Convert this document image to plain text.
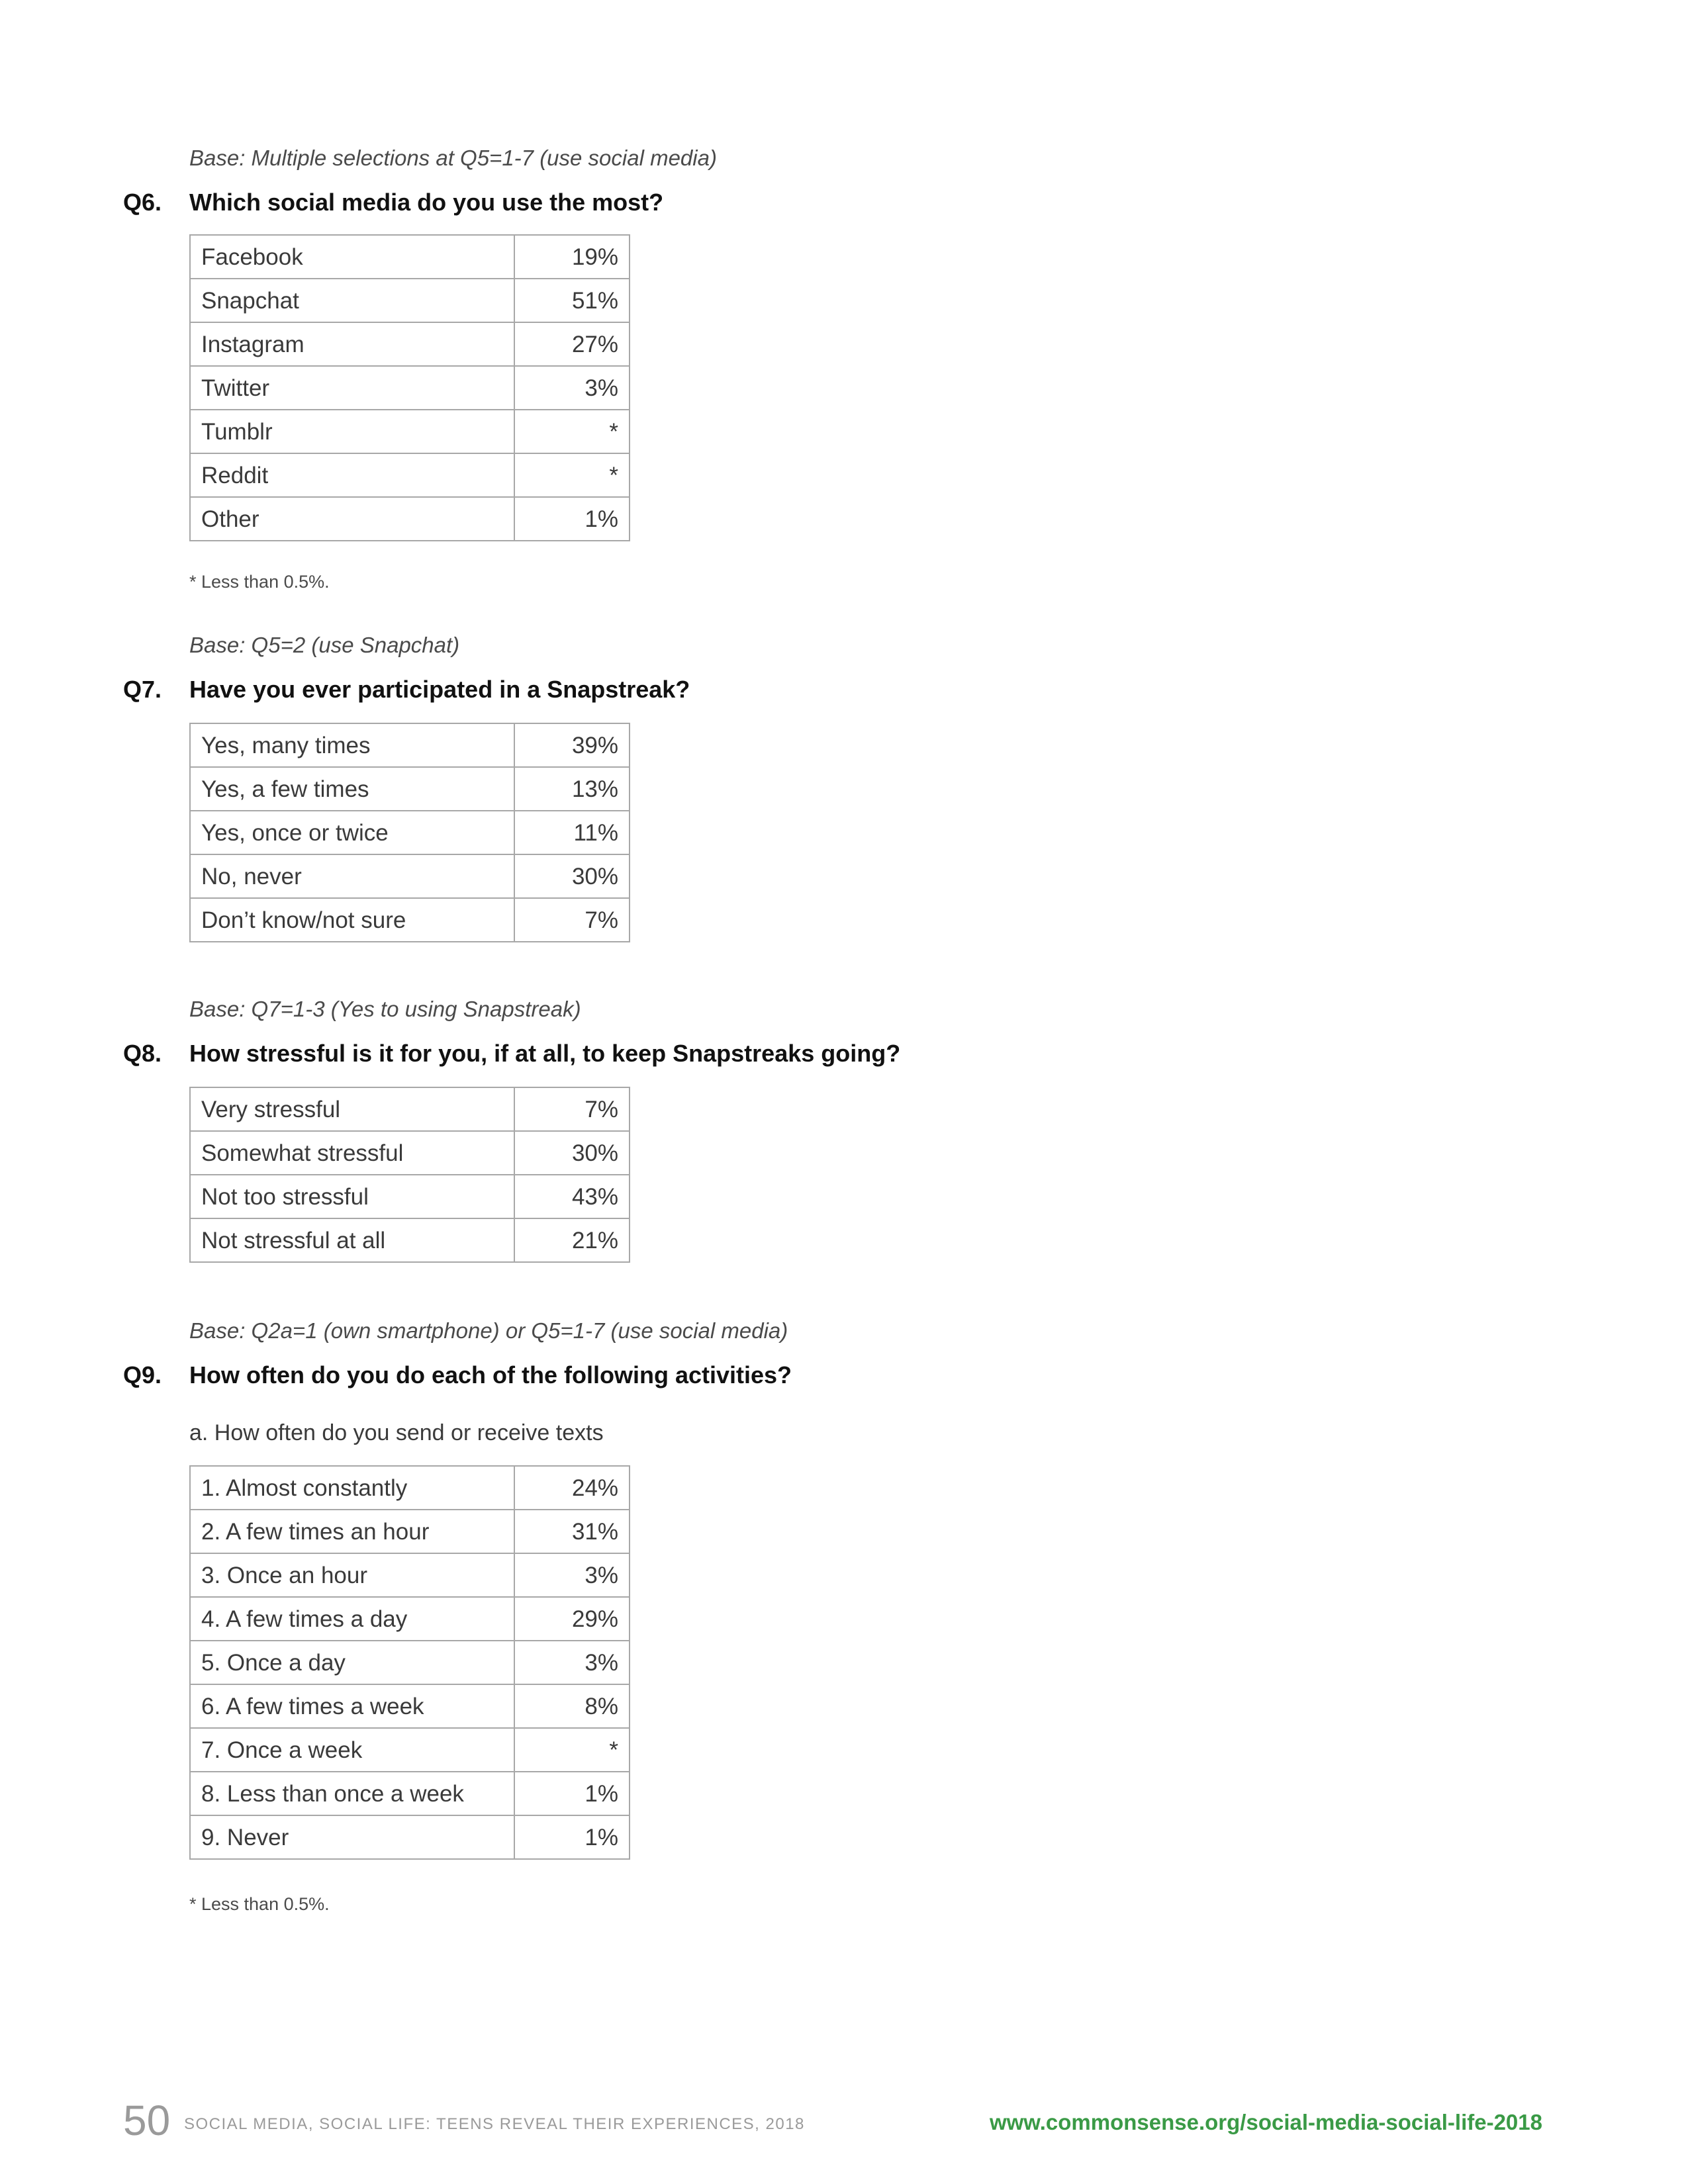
Base: Multiple selections at Q5=1-7 (use social media)
Q6. Which social media do you use the most?
Facebook	19%
Snapchat	51%
Instagram	27%
Twitter	3%
Tumblr	*
Reddit	*
Other	1%
* Less than 0.5%.
Base: Q5=2 (use Snapchat)
Q7. Have you ever participated in a Snapstreak?
Yes, many times	39%
Yes, a few times	13%
Yes, once or twice	11%
No, never	30%
Don’t know/not sure	7%
Base: Q7=1-3 (Yes to using Snapstreak)
Q8. How stressful is it for you, if at all, to keep Snapstreaks going?
Very stressful	7%
Somewhat stressful	30%
Not too stressful	43%
Not stressful at all	21%
Base: Q2a=1 (own smartphone) or Q5=1-7 (use social media)
Q9. How often do you do each of the following activities?
a. How often do you send or receive texts
1. Almost constantly	24%
2. A few times an hour	31%
3. Once an hour	3%
4. A few times a day	29%
5. Once a day	3%
6. A few times a week	8%
7. Once a week	*
8. Less than once a week	1%
9. Never	1%
* Less than 0.5%.
50 SOCIAL MEDIA, SOCIAL LIFE: TEENS REVEAL THEIR EXPERIENCES, 2018	www.commonsense.org/social-media-social-life-2018
